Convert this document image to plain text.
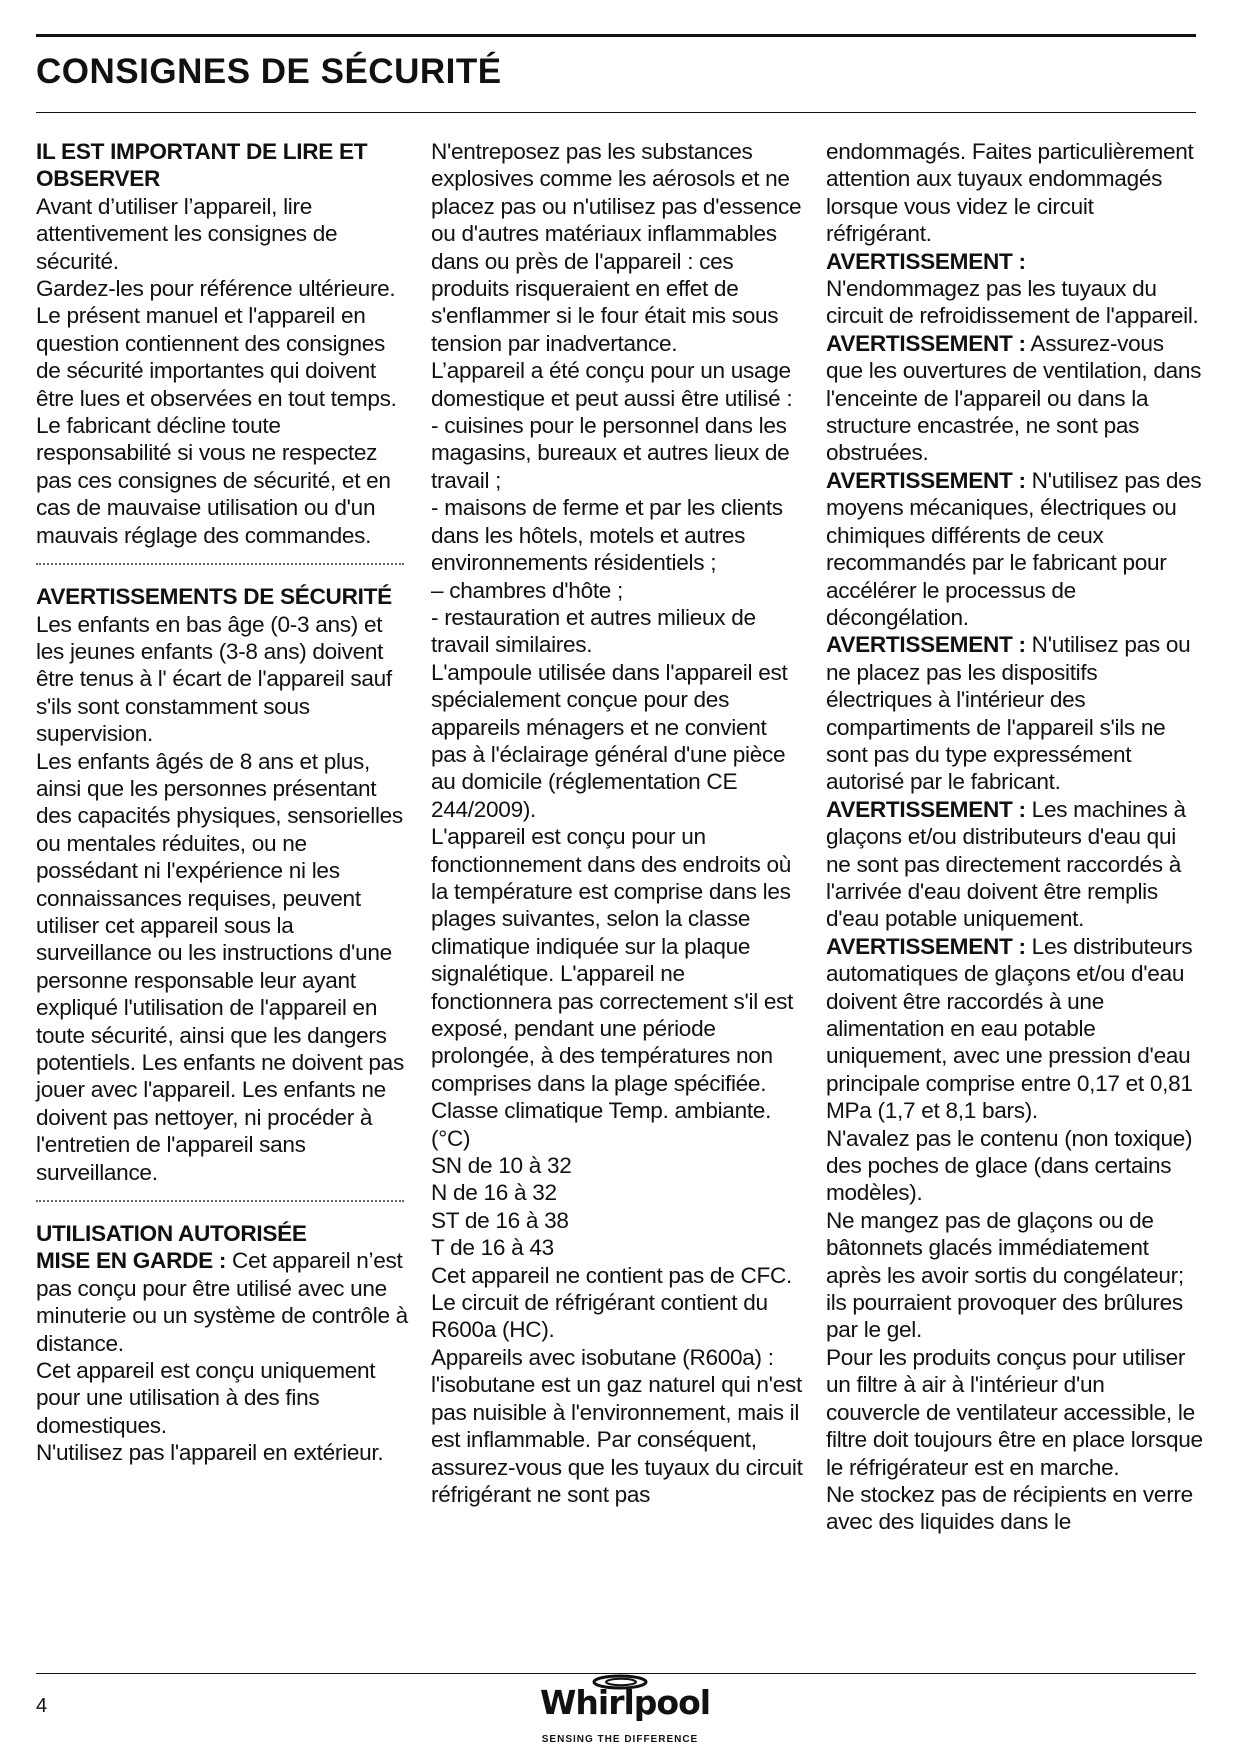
CONSIGNES DE SÉCURITÉ
IL EST IMPORTANT DE LIRE ET OBSERVER

Avant d’utiliser l’appareil, lire attentivement les consignes de sécurité.

Gardez-les pour référence ultérieure.

Le présent manuel et l'appareil en question contiennent des consignes de sécurité importantes qui doivent être lues et observées en tout temps.

Le fabricant décline toute responsabilité si vous ne respectez pas ces consignes de sécurité, et en cas de mauvaise utilisation ou d'un mauvais réglage des commandes.

AVERTISSEMENTS DE SÉCURITÉ

Les enfants en bas âge (0-3 ans) et les jeunes enfants (3-8 ans) doivent être tenus à l' écart de l'appareil sauf s'ils sont constamment sous supervision.

Les enfants âgés de 8 ans et plus, ainsi que les personnes présentant des capacités physiques, sensorielles ou mentales réduites, ou ne possédant ni l'expérience ni les connaissances requises, peuvent utiliser cet appareil sous la surveillance ou les instructions d'une personne responsable leur ayant expliqué l'utilisation de l'appareil en toute sécurité, ainsi que les dangers potentiels. Les enfants ne doivent pas jouer avec l'appareil. Les enfants ne doivent pas nettoyer, ni procéder à l'entretien de l'appareil sans surveillance.

UTILISATION AUTORISÉE

MISE EN GARDE : Cet appareil n’est pas conçu pour être utilisé avec une minuterie ou un système de contrôle à distance.

Cet appareil est conçu uniquement pour une utilisation à des fins domestiques.

N'utilisez pas l'appareil en extérieur.

N'entreposez pas les substances explosives comme les aérosols et ne placez pas ou n'utilisez pas d'essence ou d'autres matériaux inflammables dans ou près de l'appareil : ces produits risqueraient en effet de s'enflammer si le four était mis sous tension par inadvertance.

L’appareil a été conçu pour un usage domestique et peut aussi être utilisé :

- cuisines pour le personnel dans les magasins, bureaux et autres lieux de travail ;

- maisons de ferme et par les clients dans les hôtels, motels et autres environnements résidentiels ;

– chambres d'hôte ;

- restauration et autres milieux de travail similaires.

L'ampoule utilisée dans l'appareil est spécialement conçue pour des appareils ménagers et ne convient pas à l'éclairage général d'une pièce au domicile (réglementation CE 244/2009).

L'appareil est conçu pour un fonctionnement dans des endroits où la température est comprise dans les plages suivantes, selon la classe climatique indiquée sur la plaque signalétique. L'appareil ne fonctionnera pas correctement s'il est exposé, pendant une période prolongée, à des températures non comprises dans la plage spécifiée.

Classe climatique Temp. ambiante. (°C)

SN de 10 à 32

N de 16 à 32

ST de 16 à 38

T de 16 à 43

Cet appareil ne contient pas de CFC. Le circuit de réfrigérant contient du R600a (HC).

Appareils avec isobutane (R600a) : l'isobutane est un gaz naturel qui n'est pas nuisible à l'environnement, mais il est inflammable. Par conséquent, assurez-vous que les tuyaux du circuit réfrigérant ne sont pas

endommagés. Faites particulièrement attention aux tuyaux endommagés lorsque vous videz le circuit réfrigérant.

AVERTISSEMENT :

N'endommagez pas les tuyaux du circuit de refroidissement de l'appareil.

AVERTISSEMENT : Assurez-vous que les ouvertures de ventilation, dans l'enceinte de l'appareil ou dans la structure encastrée, ne sont pas obstruées.

AVERTISSEMENT : N'utilisez pas des moyens mécaniques, électriques ou chimiques différents de ceux recommandés par le fabricant pour accélérer le processus de décongélation.

AVERTISSEMENT : N'utilisez pas ou ne placez pas les dispositifs électriques à l'intérieur des compartiments de l'appareil s'ils ne sont pas du type expressément autorisé par le fabricant.

AVERTISSEMENT : Les machines à glaçons et/ou distributeurs d'eau qui ne sont pas directement raccordés à l'arrivée d'eau doivent être remplis d'eau potable uniquement.

AVERTISSEMENT : Les distributeurs automatiques de glaçons et/ou d'eau doivent être raccordés à une alimentation en eau potable uniquement, avec une pression d'eau principale comprise entre 0,17 et 0,81 MPa (1,7 et 8,1 bars).

N'avalez pas le contenu (non toxique) des poches de glace (dans certains modèles).

Ne mangez pas de glaçons ou de bâtonnets glacés immédiatement après les avoir sortis du congélateur; ils pourraient provoquer des brûlures par le gel.

Pour les produits conçus pour utiliser un filtre à air à l'intérieur d'un couvercle de ventilateur accessible, le filtre doit toujours être en place lorsque le réfrigérateur est en marche.

Ne stockez pas de récipients en verre avec des liquides dans le

4	Whirlpool
SENSING THE DIFFERENCE
